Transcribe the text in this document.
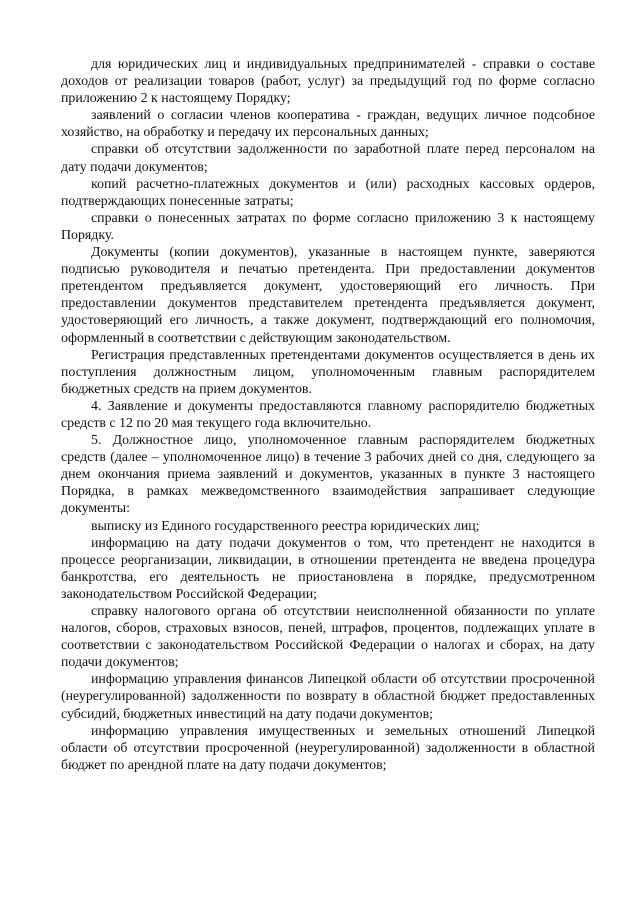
для юридических лиц и индивидуальных предпринимателей - справки о составе доходов от реализации товаров (работ, услуг) за предыдущий год по форме согласно приложению 2 к настоящему Порядку;

заявлений о согласии членов кооператива - граждан, ведущих личное подсобное хозяйство, на обработку и передачу их персональных данных;

справки об отсутствии задолженности по заработной плате перед персоналом на дату подачи документов;

копий расчетно-платежных документов и (или) расходных кассовых ордеров, подтверждающих понесенные затраты;

справки о понесенных затратах по форме согласно приложению 3 к настоящему Порядку.

Документы (копии документов), указанные в настоящем пункте, заверяются подписью руководителя и печатью претендента. При предоставлении документов претендентом предъявляется документ, удостоверяющий его личность. При предоставлении документов представителем претендента предъявляется документ, удостоверяющий его личность, а также документ, подтверждающий его полномочия, оформленный в соответствии с действующим законодательством.

Регистрация представленных претендентами документов осуществляется в день их поступления должностным лицом, уполномоченным главным распорядителем бюджетных средств на прием документов.

4. Заявление и документы предоставляются главному распорядителю бюджетных средств с 12 по 20 мая текущего года включительно.

5. Должностное лицо, уполномоченное главным распорядителем бюджетных средств (далее – уполномоченное лицо) в течение 3 рабочих дней со дня, следующего за днем окончания приема заявлений и документов, указанных в пункте 3 настоящего Порядка, в рамках межведомственного взаимодействия запрашивает следующие документы:

выписку из Единого государственного реестра юридических лиц;

информацию на дату подачи документов о том, что претендент не находится в процессе реорганизации, ликвидации, в отношении претендента не введена процедура банкротства, его деятельность не приостановлена в порядке, предусмотренном законодательством Российской Федерации;

справку налогового органа об отсутствии неисполненной обязанности по уплате налогов, сборов, страховых взносов, пеней, штрафов, процентов, подлежащих уплате в соответствии с законодательством Российской Федерации о налогах и сборах, на дату подачи документов;

информацию управления финансов Липецкой области об отсутствии просроченной (неурегулированной) задолженности по возврату в областной бюджет предоставленных субсидий, бюджетных инвестиций на дату подачи документов;

информацию управления имущественных и земельных отношений Липецкой области об отсутствии просроченной (неурегулированной) задолженности в областной бюджет по арендной плате на дату подачи документов;
